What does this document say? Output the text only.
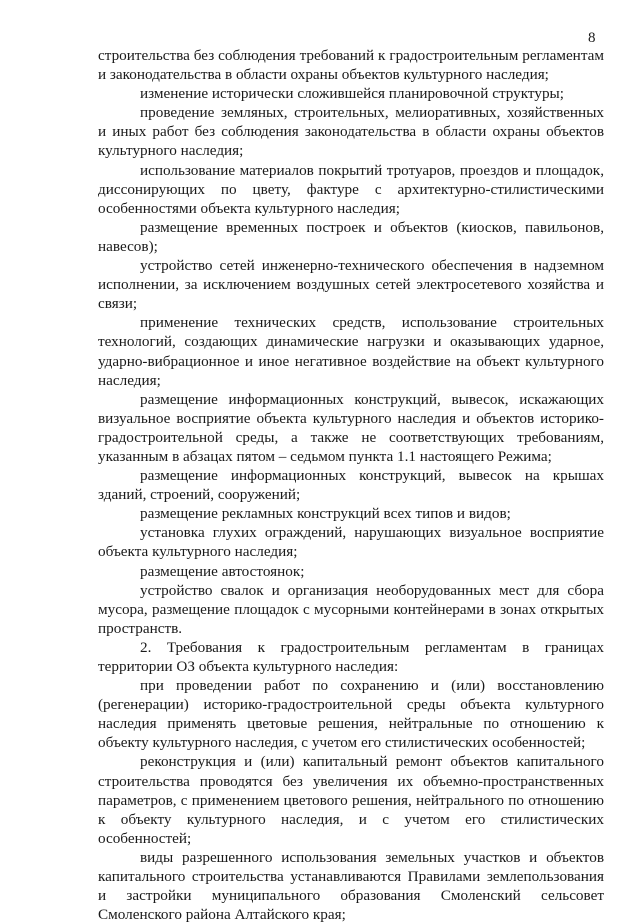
8

строительства без соблюдения требований к градостроительным регламентам и законодательства в области охраны объектов культурного наследия;

изменение исторически сложившейся планировочной структуры;

проведение земляных, строительных, мелиоративных, хозяйственных и иных работ без соблюдения законодательства в области охраны объектов культурного наследия;

использование материалов покрытий тротуаров, проездов и площадок, диссонирующих по цвету, фактуре с архитектурно-стилистическими особенностями объекта культурного наследия;

размещение временных построек и объектов (киосков, павильонов, навесов);

устройство сетей инженерно-технического обеспечения в надземном исполнении, за исключением воздушных сетей электросетевого хозяйства и связи;

применение технических средств, использование строительных технологий, создающих динамические нагрузки и оказывающих ударное, ударно-вибрационное и иное негативное воздействие на объект культурного наследия;

размещение информационных конструкций, вывесок, искажающих визуальное восприятие объекта культурного наследия и объектов историко-градостроительной среды, а также не соответствующих требованиям, указанным в абзацах пятом – седьмом пункта 1.1 настоящего Режима;

размещение информационных конструкций, вывесок на крышах зданий, строений, сооружений;

размещение рекламных конструкций всех типов и видов;

установка глухих ограждений, нарушающих визуальное восприятие объекта культурного наследия;

размещение автостоянок;

устройство свалок и организация необорудованных мест для сбора мусора, размещение площадок с мусорными контейнерами в зонах открытых пространств.

2. Требования к градостроительным регламентам в границах территории ОЗ объекта культурного наследия:

при проведении работ по сохранению и (или) восстановлению (регенерации) историко-градостроительной среды объекта культурного наследия применять цветовые решения, нейтральные по отношению к объекту культурного наследия, с учетом его стилистических особенностей;

реконструкция и (или) капитальный ремонт объектов капитального строительства проводятся без увеличения их объемно-пространственных параметров, с применением цветового решения, нейтрального по отношению к объекту культурного наследия, и с учетом его стилистических особенностей;

виды разрешенного использования земельных участков и объектов капитального строительства устанавливаются Правилами землепользования и застройки муниципального образования Смоленский сельсовет Смоленского района Алтайского края;
